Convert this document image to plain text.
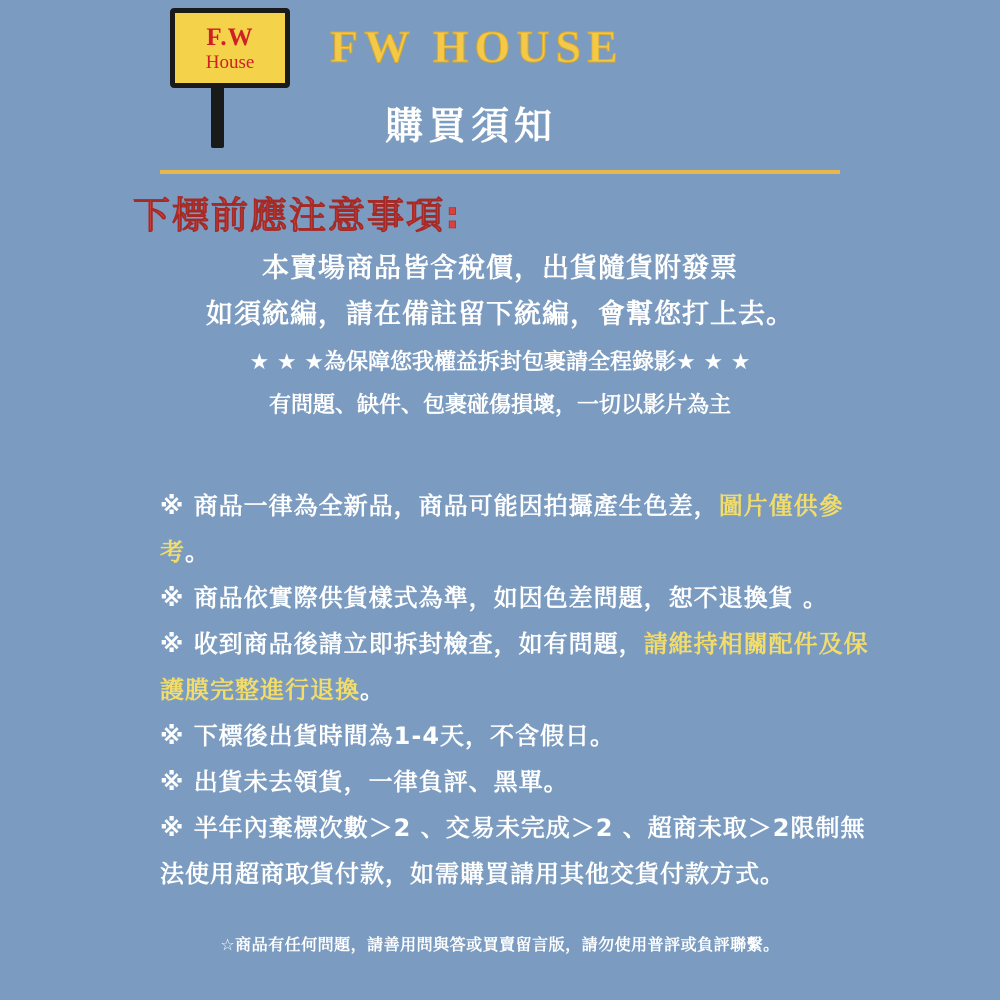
F.W
House FW HOUSE
購買須知
下標前應注意事項:
本賣場商品皆含稅價，出貨隨貨附發票
如須統編，請在備註留下統編，會幫您打上去。
★ ★ ★為保障您我權益拆封包裹請全程錄影★ ★ ★
有問題、缺件、包裹碰傷損壞，一切以影片為主

※ 商品一律為全新品，商品可能因拍攝產生色差，圖片僅供參考。

※ 商品依實際供貨樣式為準，如因色差問題，恕不退換貨 。

※ 收到商品後請立即拆封檢查，如有問題，請維持相關配件及保護膜完整進行退換。

※ 下標後出貨時間為1-4天，不含假日。

※ 出貨未去領貨，一律負評、黑單。

※ 半年內棄標次數＞2 、交易未完成＞2 、超商未取＞2限制無法使用超商取貨付款，如需購買請用其他交貨付款方式。

☆商品有任何問題，請善用問與答或買賣留言版，請勿使用普評或負評聯繫。
